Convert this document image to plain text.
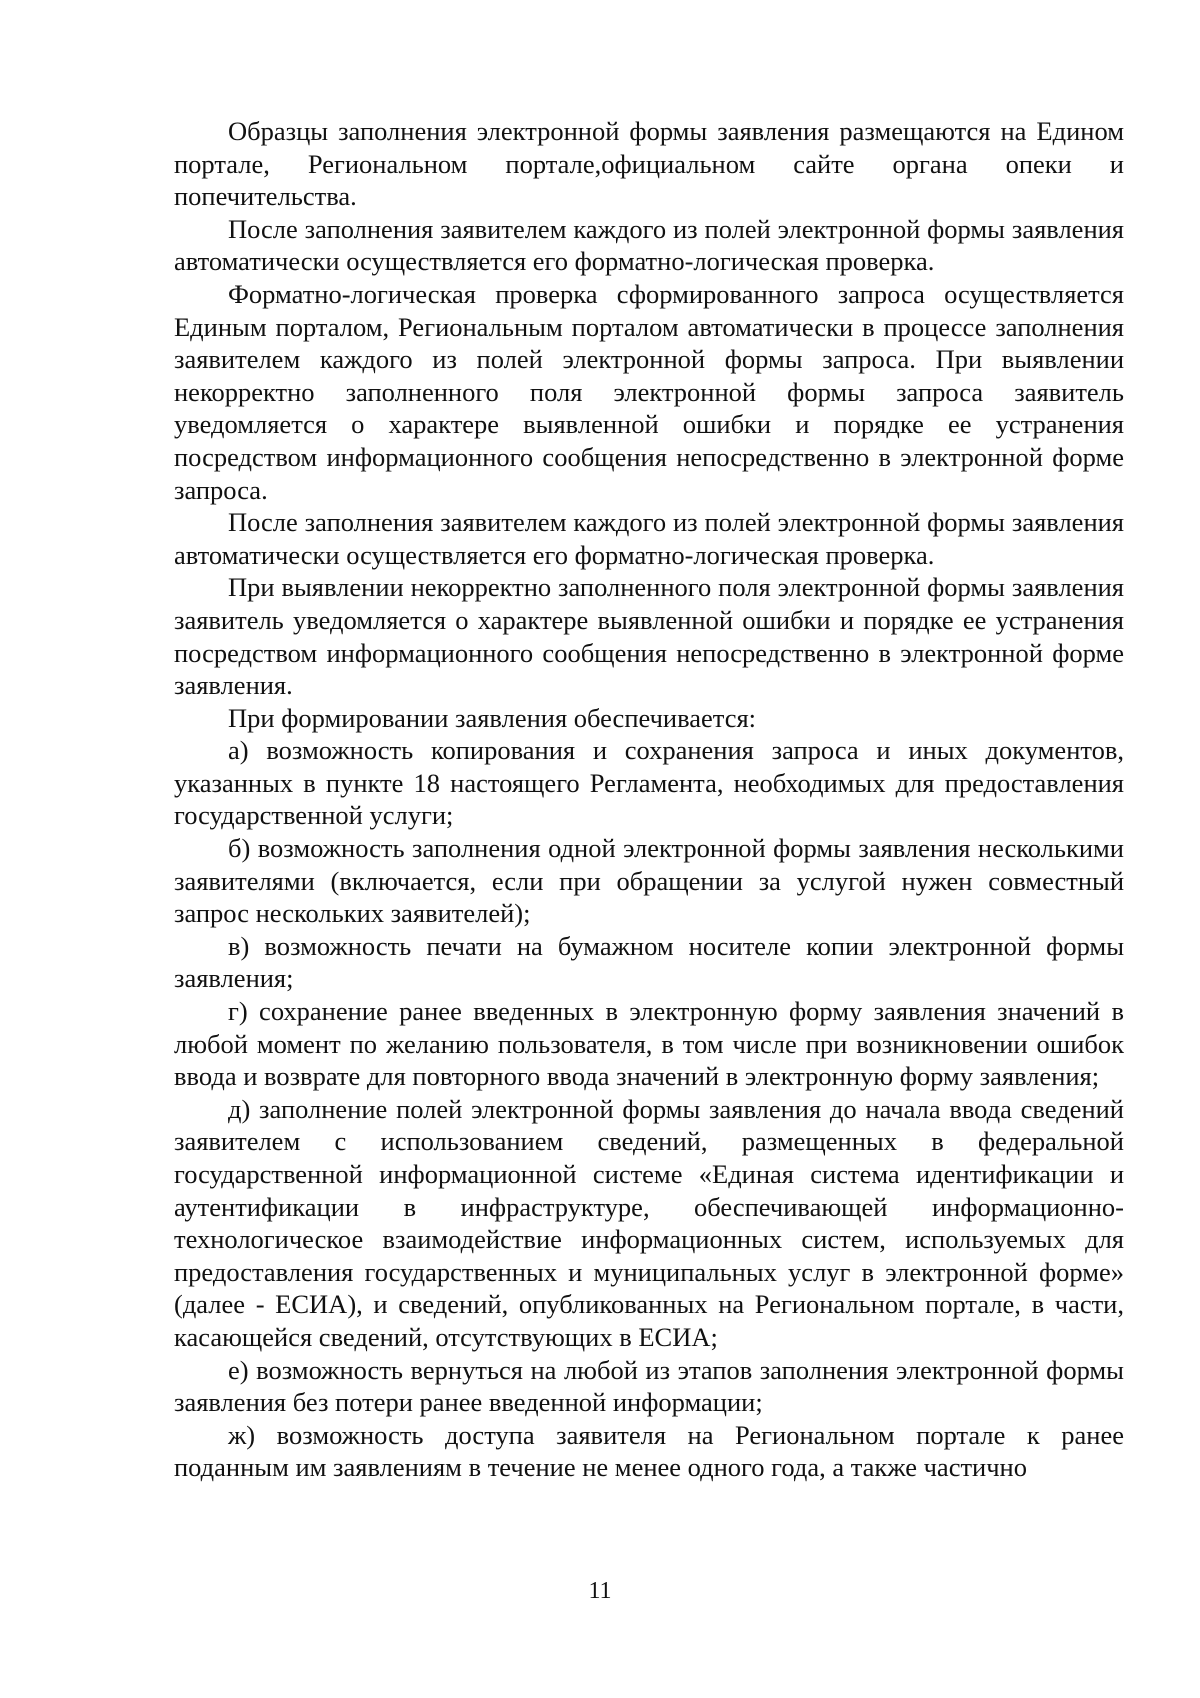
Образцы заполнения электронной формы заявления размещаются на Едином портале, Региональном портале,официальном сайте органа опеки и попечительства.

После заполнения заявителем каждого из полей электронной формы заявления автоматически осуществляется его форматно-логическая проверка.

Форматно-логическая проверка сформированного запроса осуществляется Единым порталом, Региональным порталом автоматически в процессе заполнения заявителем каждого из полей электронной формы запроса. При выявлении некорректно заполненного поля электронной формы запроса заявитель уведомляется о характере выявленной ошибки и порядке ее устранения посредством информационного сообщения непосредственно в электронной форме запроса.

После заполнения заявителем каждого из полей электронной формы заявления автоматически осуществляется его форматно-логическая проверка.

При выявлении некорректно заполненного поля электронной формы заявления заявитель уведомляется о характере выявленной ошибки и порядке ее устранения посредством информационного сообщения непосредственно в электронной форме заявления.

При формировании заявления обеспечивается:

а) возможность копирования и сохранения запроса и иных документов, указанных в пункте 18 настоящего Регламента, необходимых для предоставления государственной услуги;

б) возможность заполнения одной электронной формы заявления несколькими заявителями (включается, если при обращении за услугой нужен совместный запрос нескольких заявителей);

в) возможность печати на бумажном носителе копии электронной формы заявления;

г) сохранение ранее введенных в электронную форму заявления значений в любой момент по желанию пользователя, в том числе при возникновении ошибок ввода и возврате для повторного ввода значений в электронную форму заявления;

д) заполнение полей электронной формы заявления до начала ввода сведений заявителем с использованием сведений, размещенных в федеральной государственной информационной системе «Единая система идентификации и аутентификации в инфраструктуре, обеспечивающей информационно-технологическое взаимодействие информационных систем, используемых для предоставления государственных и муниципальных услуг в электронной форме» (далее - ЕСИА), и сведений, опубликованных на Региональном портале, в части, касающейся сведений, отсутствующих в ЕСИА;

е) возможность вернуться на любой из этапов заполнения электронной формы заявления без потери ранее введенной информации;

ж) возможность доступа заявителя на Региональном портале к ранее поданным им заявлениям в течение не менее одного года, а также частично

11
